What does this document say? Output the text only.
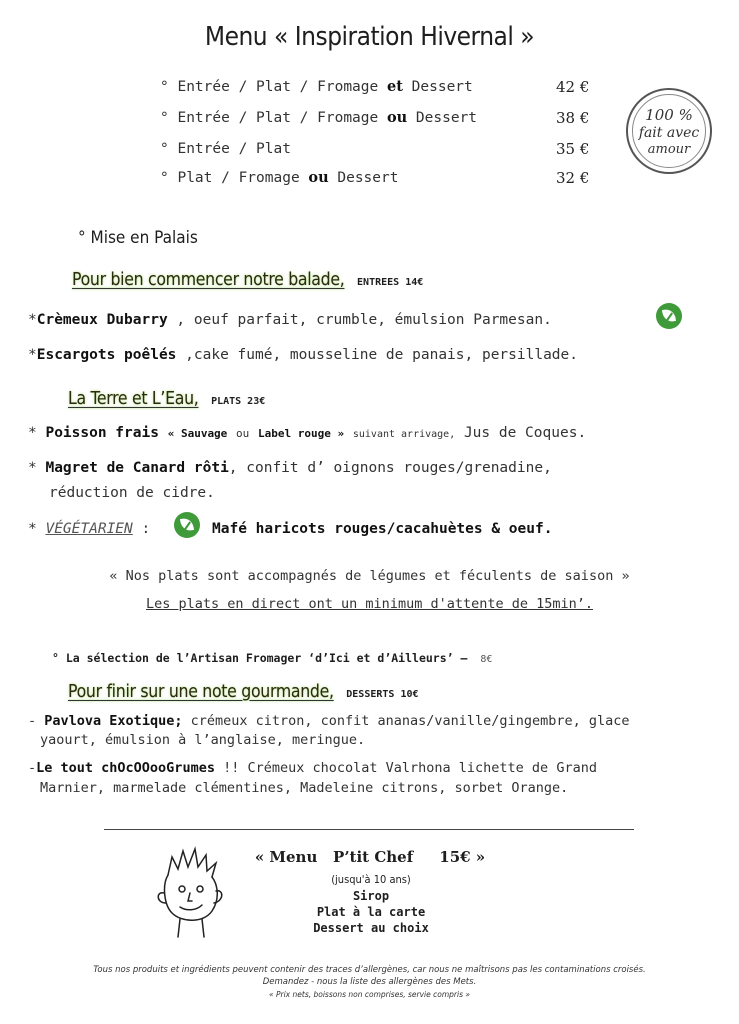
Menu « Inspiration Hivernal »
° Entrée / Plat / Fromage et Dessert	42 €
° Entrée / Plat / Fromage ou Dessert	38 €
° Entrée / Plat	35 €
° Plat / Fromage ou Dessert	32 €
100 %
fait avec
amour
° Mise en Palais
Pour bien commencer notre balade, ENTREES 14€
*Crèmeux Dubarry , oeuf parfait, crumble, émulsion Parmesan.
*Escargots poêlés ,cake fumé, mousseline de panais, persillade.
La Terre et L’Eau, PLATS 23€
* Poisson frais « Sauvage ou Label rouge » suivant arrivage, Jus de Coques.
* Magret de Canard rôti, confit d’ oignons rouges/grenadine,
réduction de cidre.
* VÉGÉTARIEN :	Mafé haricots rouges/cacahuètes & oeuf.
« Nos plats sont accompagnés de légumes et féculents de saison »
Les plats en direct ont un minimum d'attente de 15min’.
° La sélection de l’Artisan Fromager ‘d’Ici et d’Ailleurs’ – 8€
Pour finir sur une note gourmande, DESSERTS 10€
- Pavlova Exotique; crémeux citron, confit ananas/vanille/gingembre, glace
yaourt, émulsion à l’anglaise, meringue.
-Le tout chOcOOooGrumes !! Crémeux chocolat Valrhona lichette de Grand
Marnier, marmelade clémentines, Madeleine citrons, sorbet Orange.
« Menu   P’tit Chef     15€ »
(jusqu'à 10 ans)
Sirop
Plat à la carte
Dessert au choix
Tous nos produits et ingrédients peuvent contenir des traces d’allergènes, car nous ne maîtrisons pas les contaminations croisés.
Demandez - nous la liste des allergènes des Mets.
« Prix nets, boissons non comprises, servie compris »
